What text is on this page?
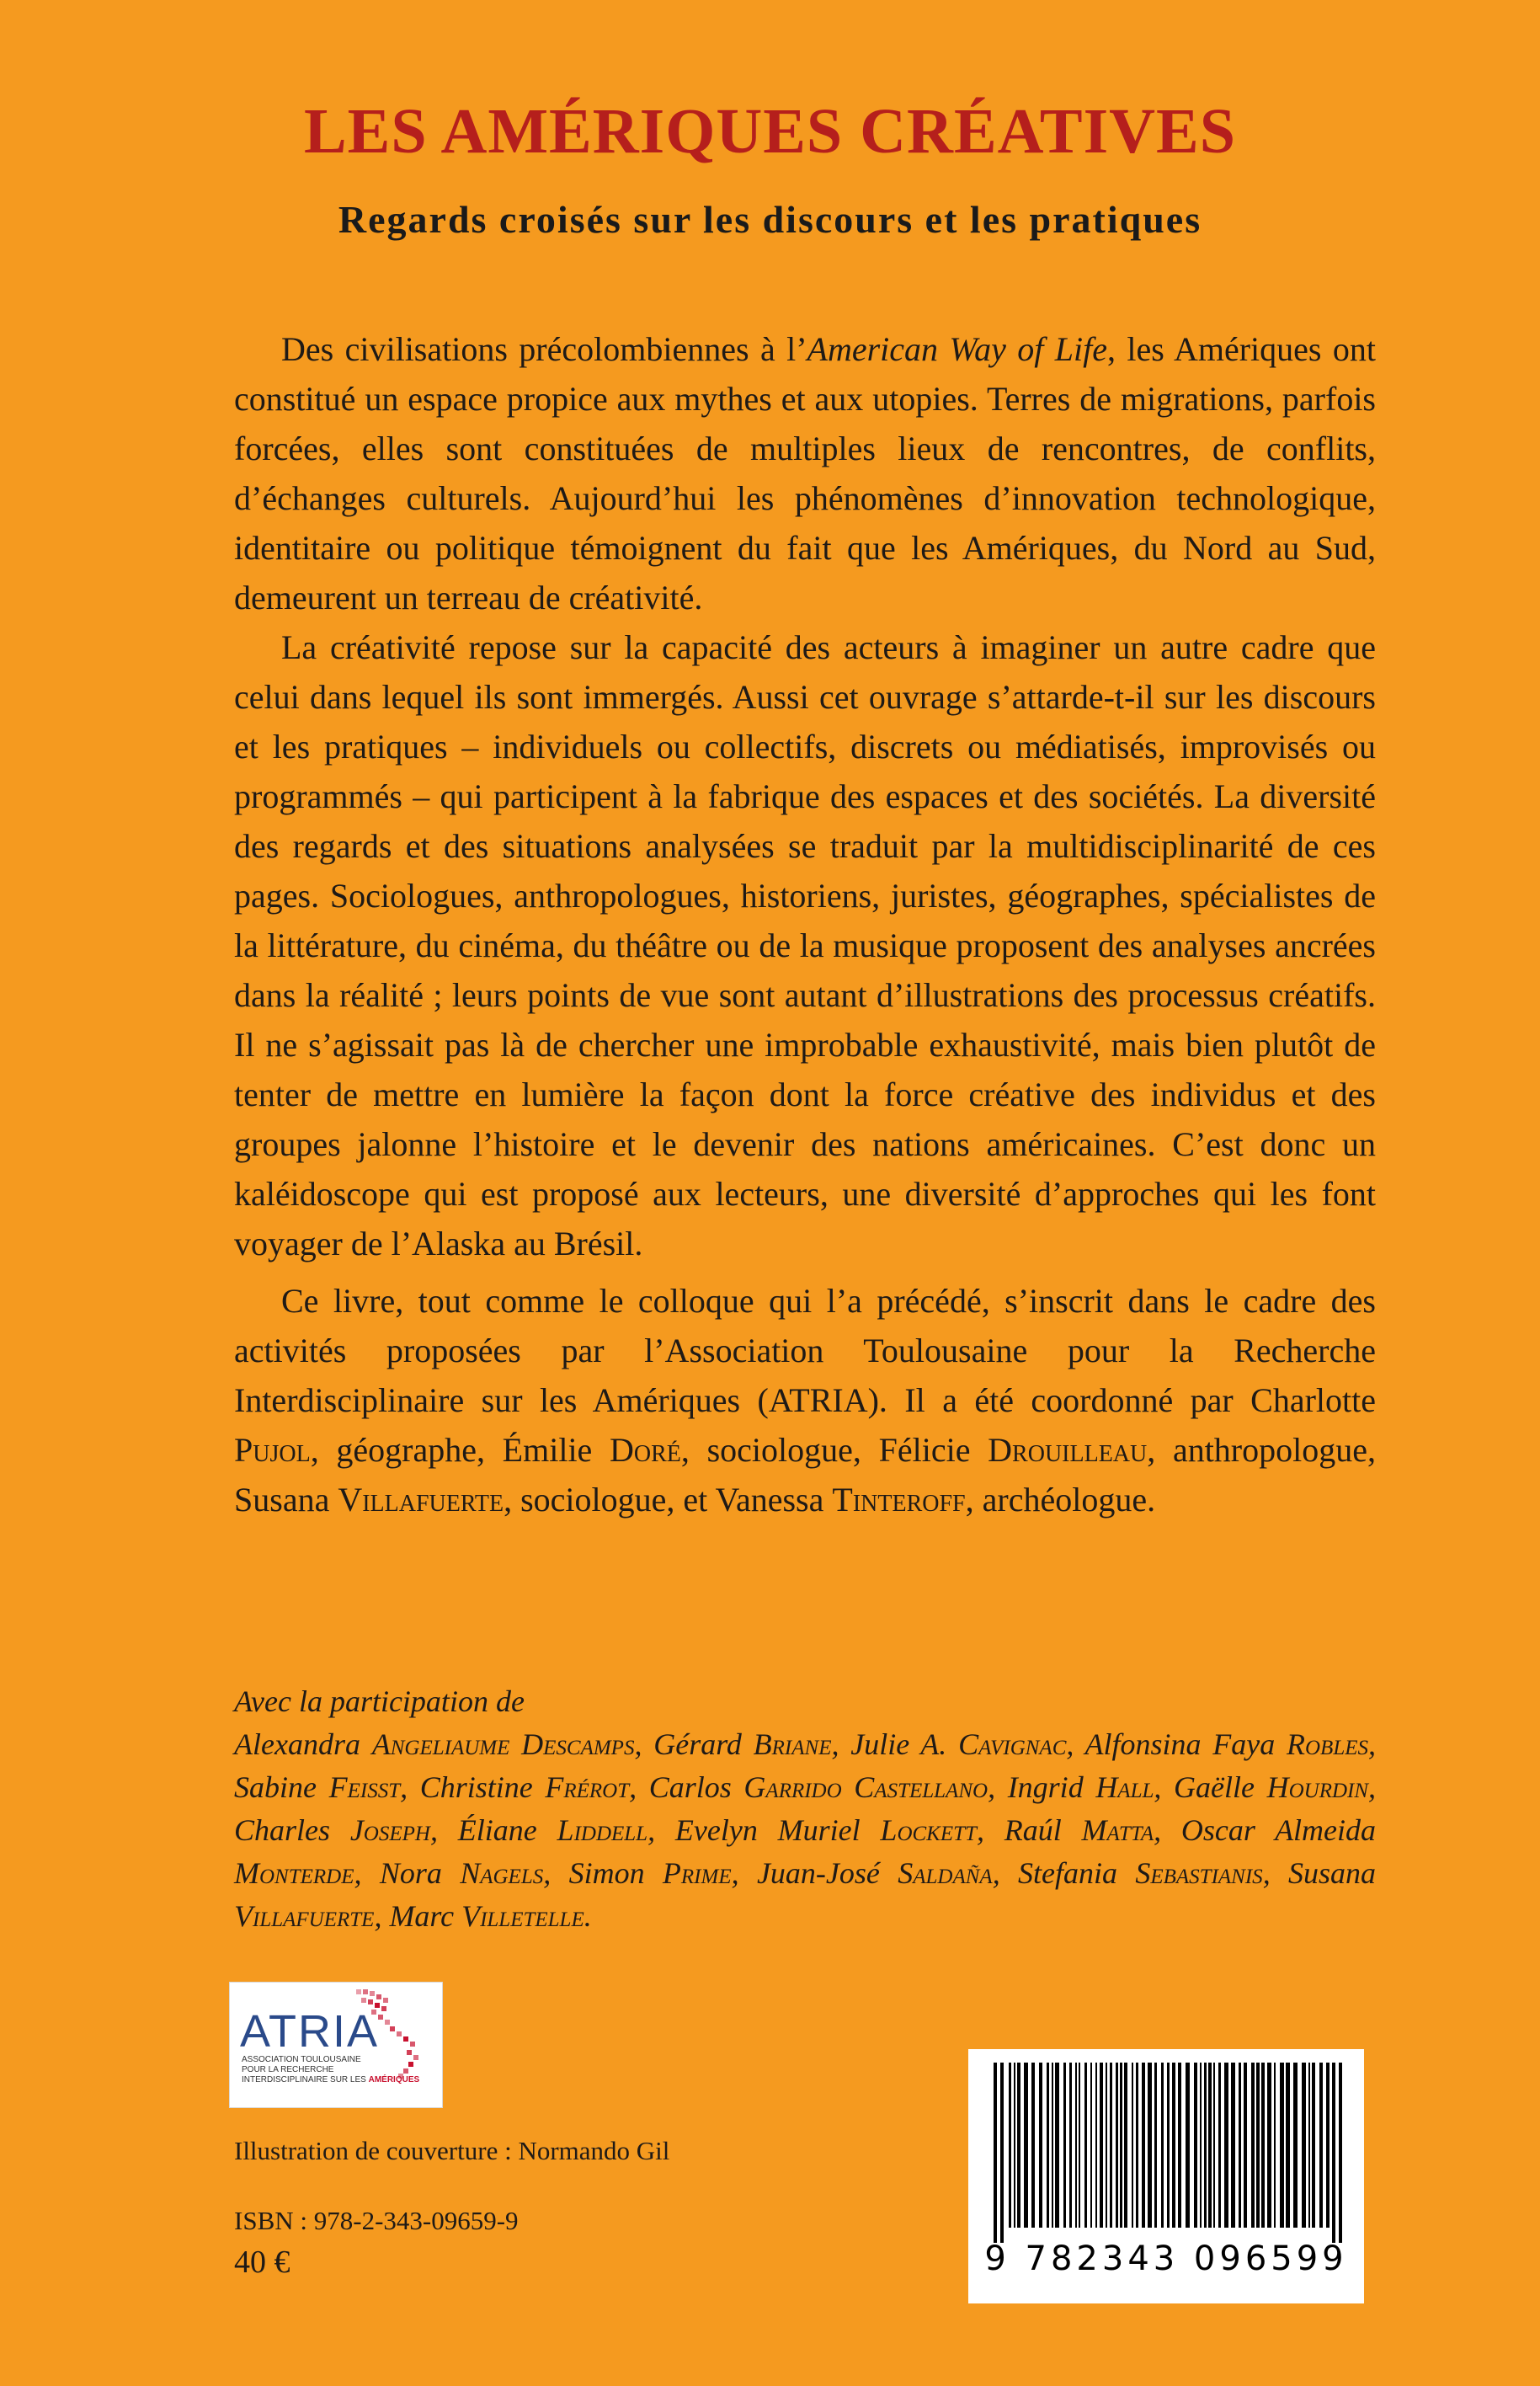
LES AMÉRIQUES CRÉATIVES
Regards croisés sur les discours et les pratiques

Des civilisations précolombiennes à l’American Way of Life, les Amériques ont constitué un espace propice aux mythes et aux utopies. Terres de migrations, parfois forcées, elles sont constituées de multiples lieux de rencontres, de conflits, d’échanges culturels. Aujourd’hui les phénomènes d’innovation technologique, identitaire ou politique témoignent du fait que les Amériques, du Nord au Sud, demeurent un terreau de créativité.

La créativité repose sur la capacité des acteurs à imaginer un autre cadre que celui dans lequel ils sont immergés. Aussi cet ouvrage s’attarde-t-il sur les discours et les pratiques – individuels ou collectifs, discrets ou médiatisés, improvisés ou programmés – qui participent à la fabrique des espaces et des sociétés. La diversité des regards et des situations analysées se traduit par la multidisciplinarité de ces pages. Sociologues, anthropologues, historiens, juristes, géographes, spécialistes de la littérature, du cinéma, du théâtre ou de la musique proposent des analyses ancrées dans la réalité ; leurs points de vue sont autant d’illustrations des processus créatifs. Il ne s’agissait pas là de chercher une improbable exhaustivité, mais bien plutôt de tenter de mettre en lumière la façon dont la force créative des individus et des groupes jalonne l’histoire et le devenir des nations américaines. C’est donc un kaléidoscope qui est proposé aux lecteurs, une diversité d’approches qui les font voyager de l’Alaska au Brésil.

Ce livre, tout comme le colloque qui l’a précédé, s’inscrit dans le cadre des activités proposées par l’Association Toulousaine pour la Recherche Interdisciplinaire sur les Amériques (ATRIA). Il a été coordonné par Charlotte Pujol, géographe, Émilie Doré, sociologue, Félicie Drouilleau, anthropologue, Susana Villafuerte, sociologue, et Vanessa Tinteroff, archéologue.

Avec la participation de
Alexandra Angeliaume Descamps, Gérard Briane, Julie A. Cavignac, Alfonsina Faya Robles, Sabine Feisst, Christine Frérot, Carlos Garrido Castellano, Ingrid Hall, Gaëlle Hourdin, Charles Joseph, Éliane Liddell, Evelyn Muriel Lockett, Raúl Matta, Oscar Almeida Monterde, Nora Nagels, Simon Prime, Juan-José Saldaña, Stefania Sebastianis, Susana Villafuerte, Marc Villetelle.
ATRIA
ASSOCIATION TOULOUSAINE
POUR LA RECHERCHE
INTERDISCIPLINAIRE SUR LES AMÉRIQUES
Illustration de couverture : Normando Gil
ISBN : 978-2-343-09659-9
40 €	9 782343 096599
